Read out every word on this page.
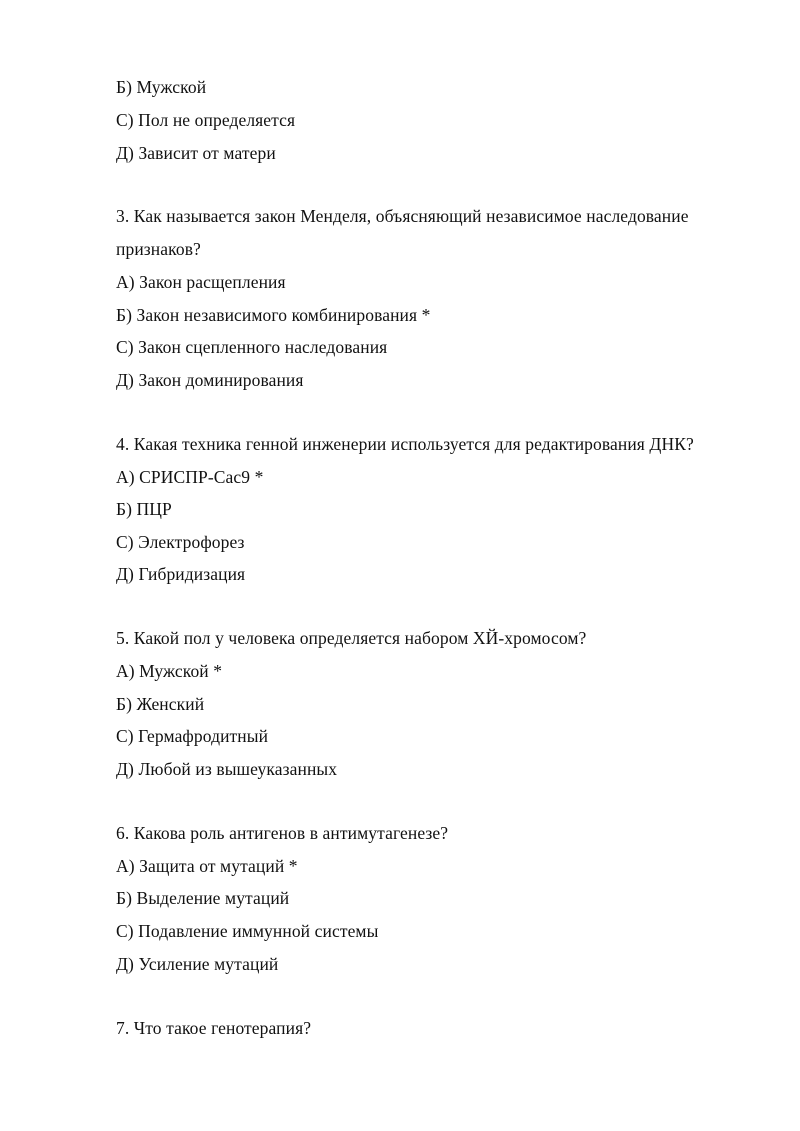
Б) Мужской
С) Пол не определяется
Д) Зависит от матери
3. Как называется закон Менделя, объясняющий независимое наследование
признаков?
А) Закон расщепления
Б) Закон независимого комбинирования *
С) Закон сцепленного наследования
Д) Закон доминирования
4. Какая техника генной инженерии используется для редактирования ДНК?
А) СРИСПР-Сас9 *
Б) ПЦР
С) Электрофорез
Д) Гибридизация
5. Какой пол у человека определяется набором ХЙ-хромосом?
А) Мужской *
Б) Женский
С) Гермафродитный
Д) Любой из вышеуказанных
6. Какова роль антигенов в антимутагенезе?
А) Защита от мутаций *
Б) Выделение мутаций
С) Подавление иммунной системы
Д) Усиление мутаций
7. Что такое генотерапия?
